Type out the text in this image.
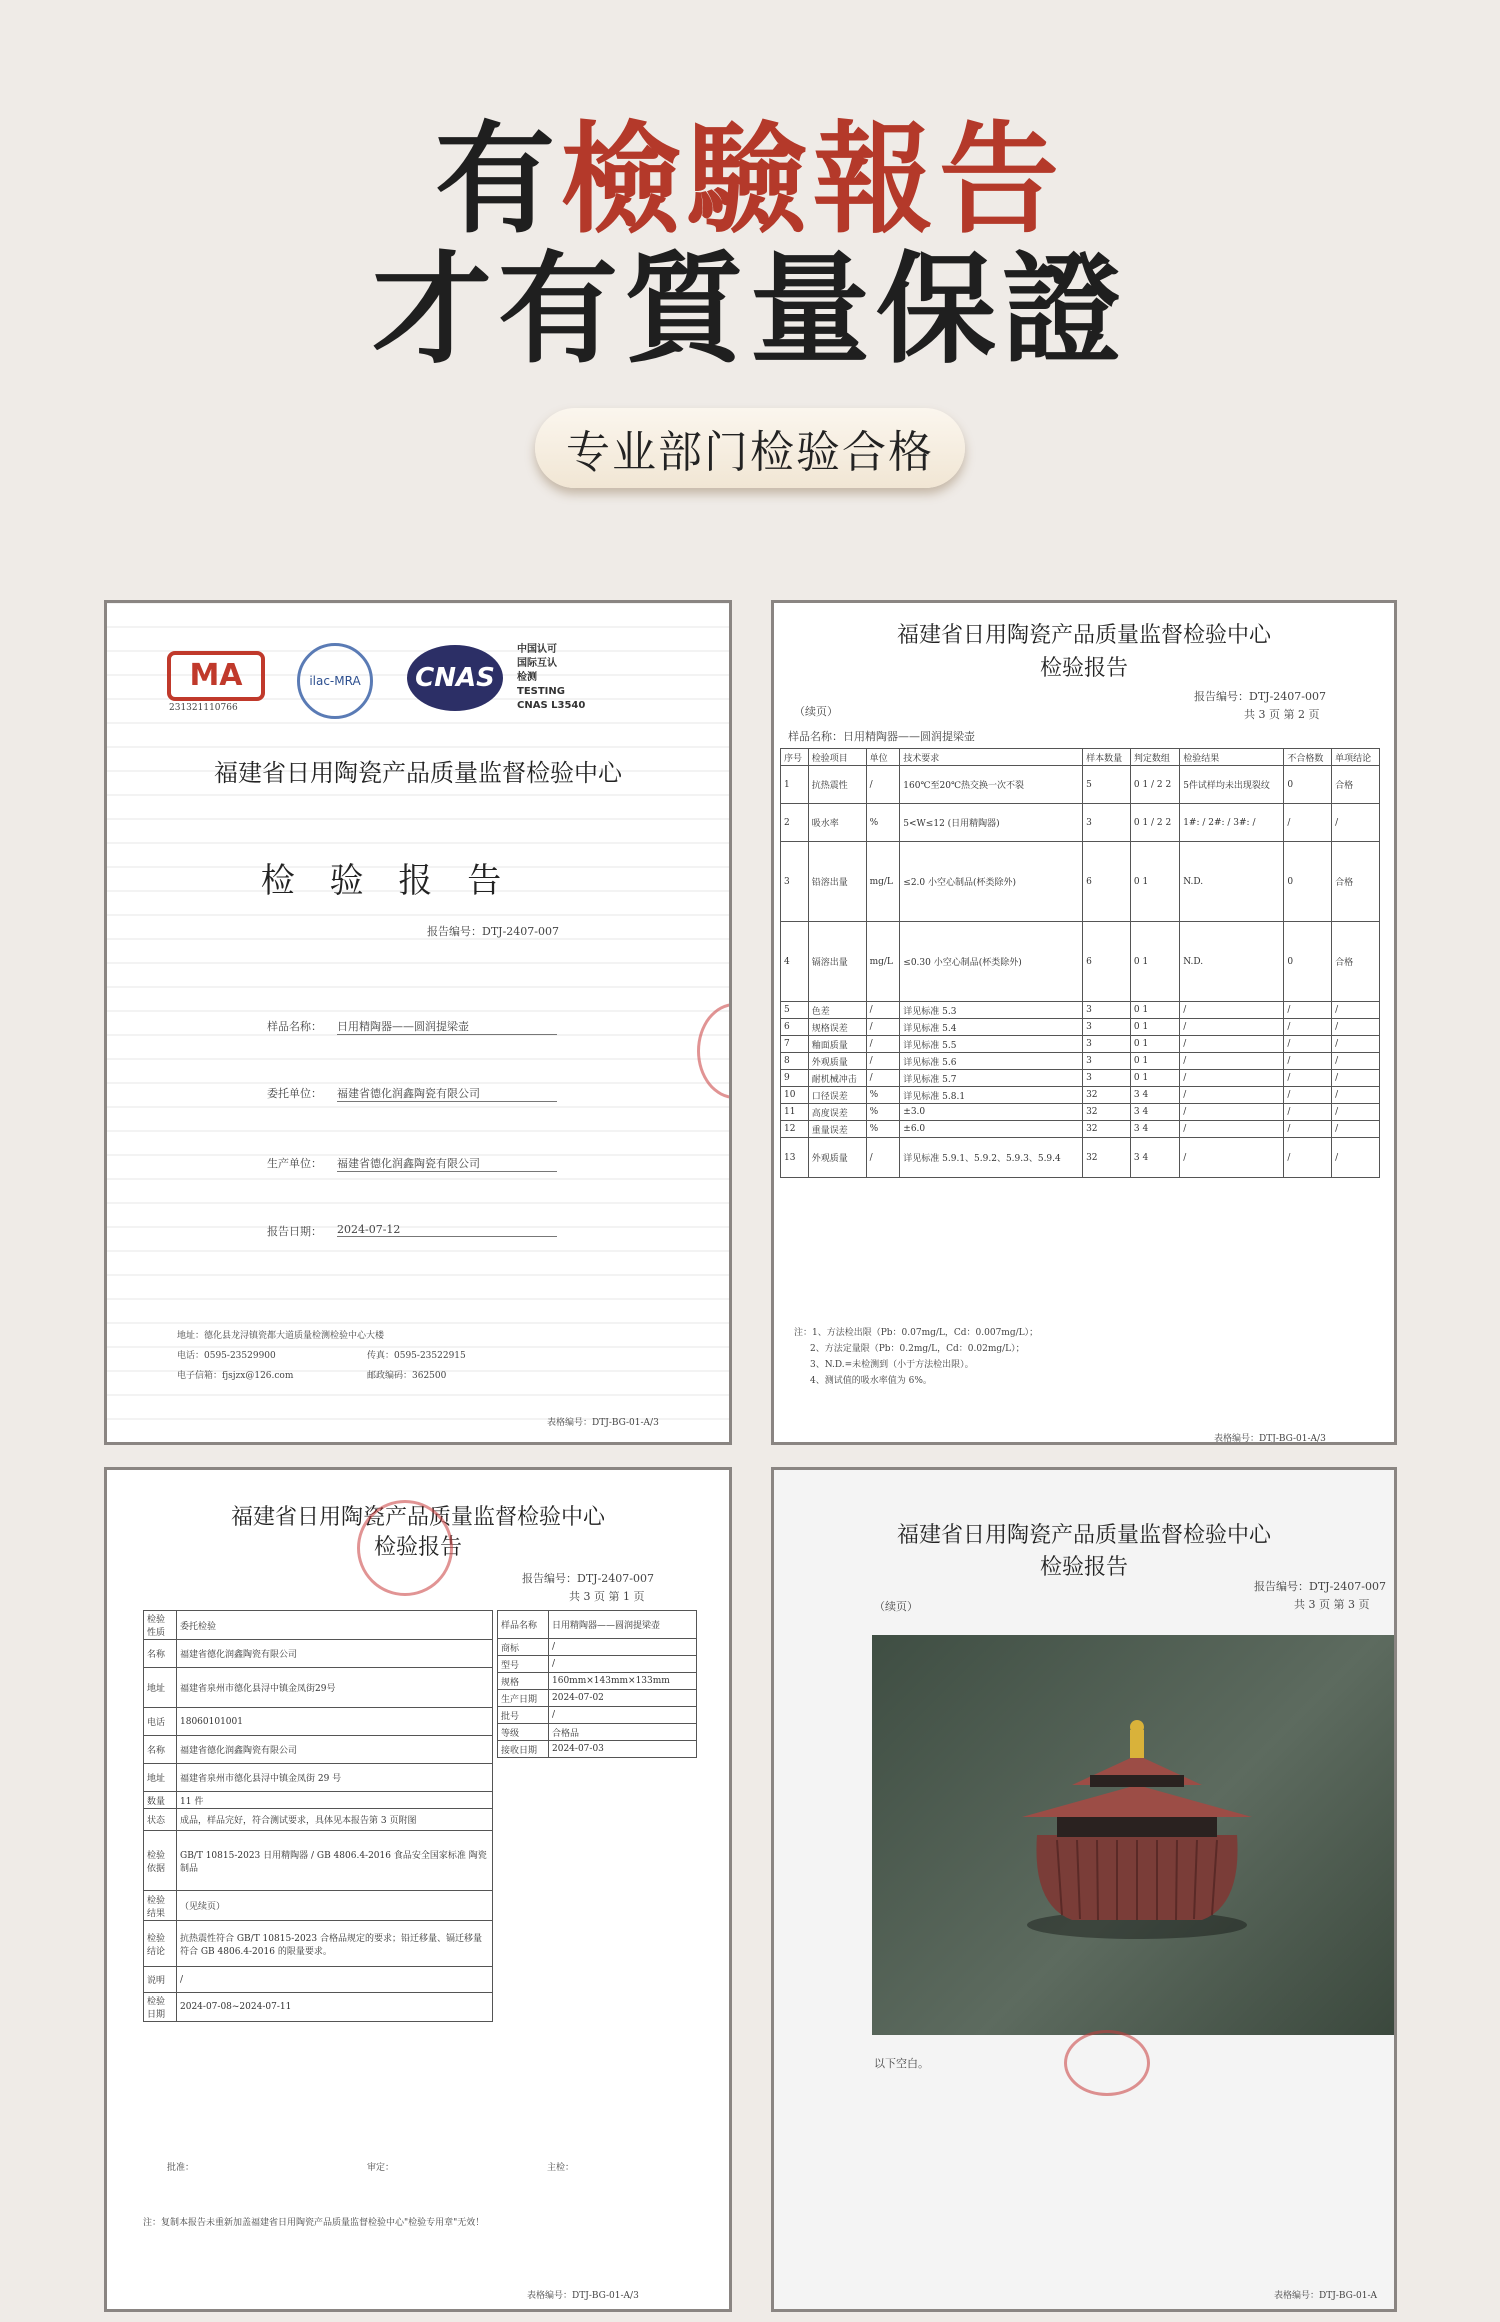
有檢驗報告
才有質量保證
专业部门检验合格
MA
231321110766
ilac-MRA	CNAS
中国认可
国际互认
检测
TESTING
CNAS L3540
福建省日用陶瓷产品质量监督检验中心
检 验 报 告
报告编号：DTJ-2407-007
样品名称： 日用精陶器——圆润提梁壶
委托单位： 福建省德化润鑫陶瓷有限公司
生产单位： 福建省德化润鑫陶瓷有限公司
报告日期： 2024-07-12
地址：德化县龙浔镇瓷都大道质量检测检验中心大楼
电话：0595-23529900	传真：0595-23522915
电子信箱：fjsjzx@126.com	邮政编码：362500
表格编号：DTJ-BG-01-A/3
福建省日用陶瓷产品质量监督检验中心
检验报告
（续页）
报告编号：DTJ-2407-007
共 3 页 第 2 页
样品名称：日用精陶器——圆润提梁壶
序号	检验项目	单位	技术要求	样本数量	判定数组	检验结果	不合格数	单项结论
1	抗热震性	/	160℃至20℃热交换一次不裂	5	0 1 / 2 2	5件试样均未出现裂纹	0	合格
2	吸水率	%	5<W≤12 (日用精陶器)	3	0 1 / 2 2	1#: / 2#: / 3#: /	/	/
3	铅溶出量	mg/L	≤2.0 小空心制品(杯类除外)	6	0 1	N.D.	0	合格
4	镉溶出量	mg/L	≤0.30 小空心制品(杯类除外)	6	0 1	N.D.	0	合格
5	色差	/	详见标准 5.3	3	0 1	/	/	/
6	规格误差	/	详见标准 5.4	3	0 1	/	/	/
7	釉面质量	/	详见标准 5.5	3	0 1	/	/	/
8	外观质量	/	详见标准 5.6	3	0 1	/	/	/
9	耐机械冲击	/	详见标准 5.7	3	0 1	/	/	/
10	口径误差	%	详见标准 5.8.1	32	3 4	/	/	/
11	高度误差	%	±3.0	32	3 4	/	/	/
12	重量误差	%	±6.0	32	3 4	/	/	/
13	外观质量	/	详见标准 5.9.1、5.9.2、5.9.3、5.9.4	32	3 4	/	/	/
注：1、方法检出限（Pb：0.07mg/L，Cd：0.007mg/L）；
2、方法定量限（Pb：0.2mg/L，Cd：0.02mg/L）；
3、N.D.=未检测到（小于方法检出限）。
4、测试值的吸水率值为 6%。
表格编号：DTJ-BG-01-A/3
福建省日用陶瓷产品质量监督检验中心
检验报告
报告编号：DTJ-2407-007
共 3 页 第 1 页
检验性质	委托检验
名称	福建省德化润鑫陶瓷有限公司
地址	福建省泉州市德化县浔中镇金凤街29号
电话	18060101001
名称	福建省德化润鑫陶瓷有限公司
地址	福建省泉州市德化县浔中镇金凤街 29 号
数量	11 件
状态	成品，样品完好，符合测试要求，具体见本报告第 3 页附图
检验依据	GB/T 10815-2023 日用精陶器 / GB 4806.4-2016 食品安全国家标准 陶瓷制品
检验结果	（见续页）
检验结论	抗热震性符合 GB/T 10815-2023 合格品规定的要求；铅迁移量、镉迁移量符合 GB 4806.4-2016 的限量要求。
说明	/
检验日期	2024-07-08~2024-07-11
样品名称	日用精陶器——圆润提梁壶
商标	/
型号	/
规格	160mm×143mm×133mm
生产日期	2024-07-02
批号	/
等级	合格品
接收日期	2024-07-03
批准：	审定：	主检：
注：复制本报告未重新加盖福建省日用陶瓷产品质量监督检验中心"检验专用章"无效！
表格编号：DTJ-BG-01-A/3
福建省日用陶瓷产品质量监督检验中心
检验报告
报告编号：DTJ-2407-007
共 3 页 第 3 页
（续页）
以下空白。
表格编号：DTJ-BG-01-A
